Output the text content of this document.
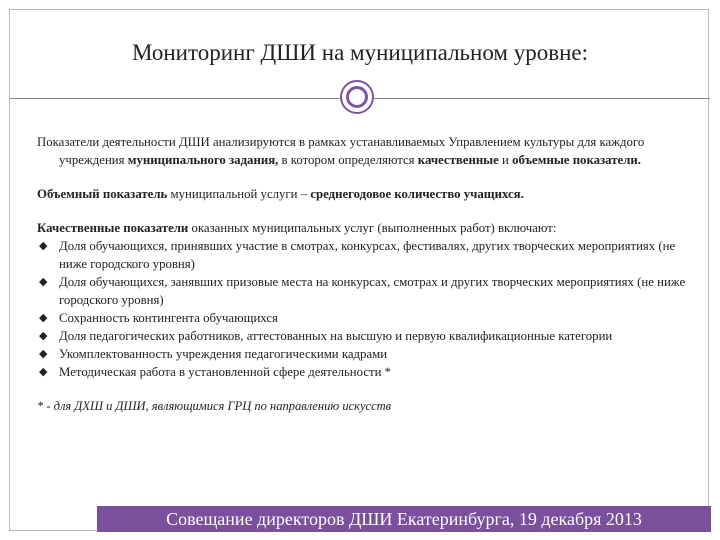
Мониторинг ДШИ на муниципальном уровне:

Показатели деятельности ДШИ анализируются в рамках устанавливаемых Управлением культуры для каждого учреждения муниципального задания, в котором определяются качественные и объемные показатели.

Объемный показатель муниципальной услуги – среднегодовое количество учащихся.

Качественные показатели оказанных муниципальных услуг (выполненных работ) включают:

◆ Доля обучающихся, принявших участие в смотрах, конкурсах, фестивалях, других творческих мероприятиях (не ниже городского уровня)
◆ Доля обучающихся, занявших призовые места на конкурсах, смотрах и других творческих мероприятиях (не ниже городского уровня)
◆ Сохранность контингента обучающихся
◆ Доля педагогических работников, аттестованных на высшую и первую квалификационные категории
◆ Укомплектованность учреждения педагогическими кадрами
◆ Методическая работа в установленной сфере деятельности *

* - для ДХШ и ДШИ, являющимися ГРЦ по направлению искусств

Совещание директоров ДШИ Екатеринбурга, 19 декабря 2013
